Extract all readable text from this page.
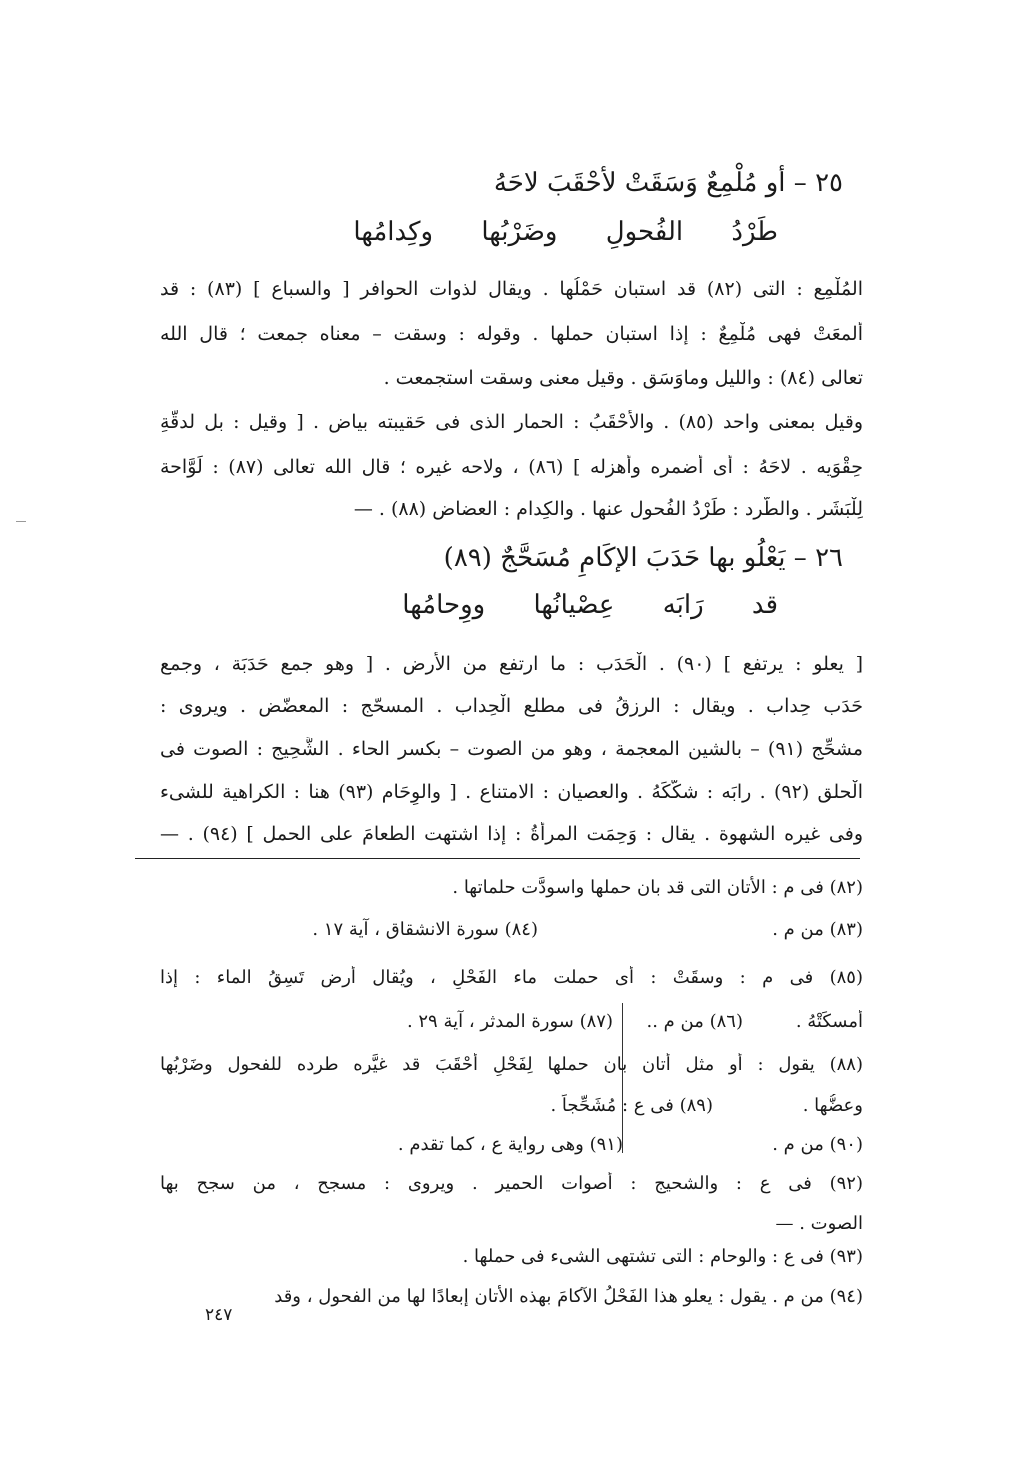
٢٥ – أو مُلْمِعٌ وَسَقَتْ لأحْقَبَ لاحَهُ
طَرْدُ الفُحولِ وضَرْبُها وكِدامُها
المُلْمِع : التى (٨٢) قد استبان حَمْلُها . ويقال لذوات الحوافر [ والسباع ] (٨٣) : قد
أَلمعَتْ فهى مُلْمِعٌ : إذا استبان حملها . وقوله : وسقت – معناه جمعت ؛ قال الله
تعالى (٨٤) : والليل وماوَسَق . وقيل معنى وسقت استجمعت .
وقيل بمعنى واحد (٨٥) . والأحْقَبُ : الحمار الذى فى حَقيبته بياض . [ وقيل : بل لدقَّةِ
حِقْوَيه . لاحَهُ : أى أضمره وأهزله ] (٨٦) ، ولاحه غيره ؛ قال الله تعالى (٨٧) : لَوَّاحة
لِلْبَشَر . والطَّرد : طَرْدُ الفُحول عنها . والكِدام : العضاض (٨٨) . —
٢٦ – يَعْلُو بها حَدَبَ الإكَامِ مُسَحَّجٌ (٨٩)
قد رَابَه عِصْيانُها ووِحامُها
[ يعلو : يرتفع ] (٩٠) . الْحَدَب : ما ارتفع من الأرض . [ وهو جمع حَدَبَة ، وجمع
حَدَب حِداب . ويقال : الرزقُ فى مطلع الْحِداب . المسحّج : المعضّض . ويروى :
مشحِّج (٩١) – بالشين المعجمة ، وهو من الصوت – بكسر الحاء . الشَّحِيج : الصوت فى
الْحلق (٩٢) . رابَه : شكّكَهُ . والعصيان : الامتناع . [ والوِحَام (٩٣) هنا : الكراهية للشىء
وفى غيره الشهوة . يقال : وَحِمَت المرأةُ : إذا اشتهت الطعامَ على الحمل ] (٩٤) . —
(٨٢) فى م : الأتان التى قد بان حملها واسودَّت حلماتها .
(٨٣) من م .
(٨٤) سورة الانشقاق ، آية ١٧ .
(٨٥) فى م : وسقَتْ : أى حملت ماء الفَحْلِ ، ويُقال أرض تَسِقُ الماء : إذا
أمسكَتْهُ .
(٨٦) من م ..
(٨٧) سورة المدثر ، آية ٢٩ .
(٨٨) يقول : أو مثل أتان بان حملها لِفَحْلٍ أحْقَبَ قد غيَّره طرده للفحول وضَرْبُها
وعضُّها .
(٨٩) فى ع : مُشَحِّجاً .
(٩٠) من م .
(٩١) وهى رواية ع ، كما تقدم .
(٩٢) فى ع : والشحيج : أصوات الحمير . ويروى : مسجح ، من سجح بها
الصوت . —
(٩٣) فى ع : والوحام : التى تشتهى الشىء فى حملها .
(٩٤) من م . يقول : يعلو هذا الفَحْلُ الآكامَ بهذه الأتان إبعادًا لها من الفحول ، وقد
٢٤٧
